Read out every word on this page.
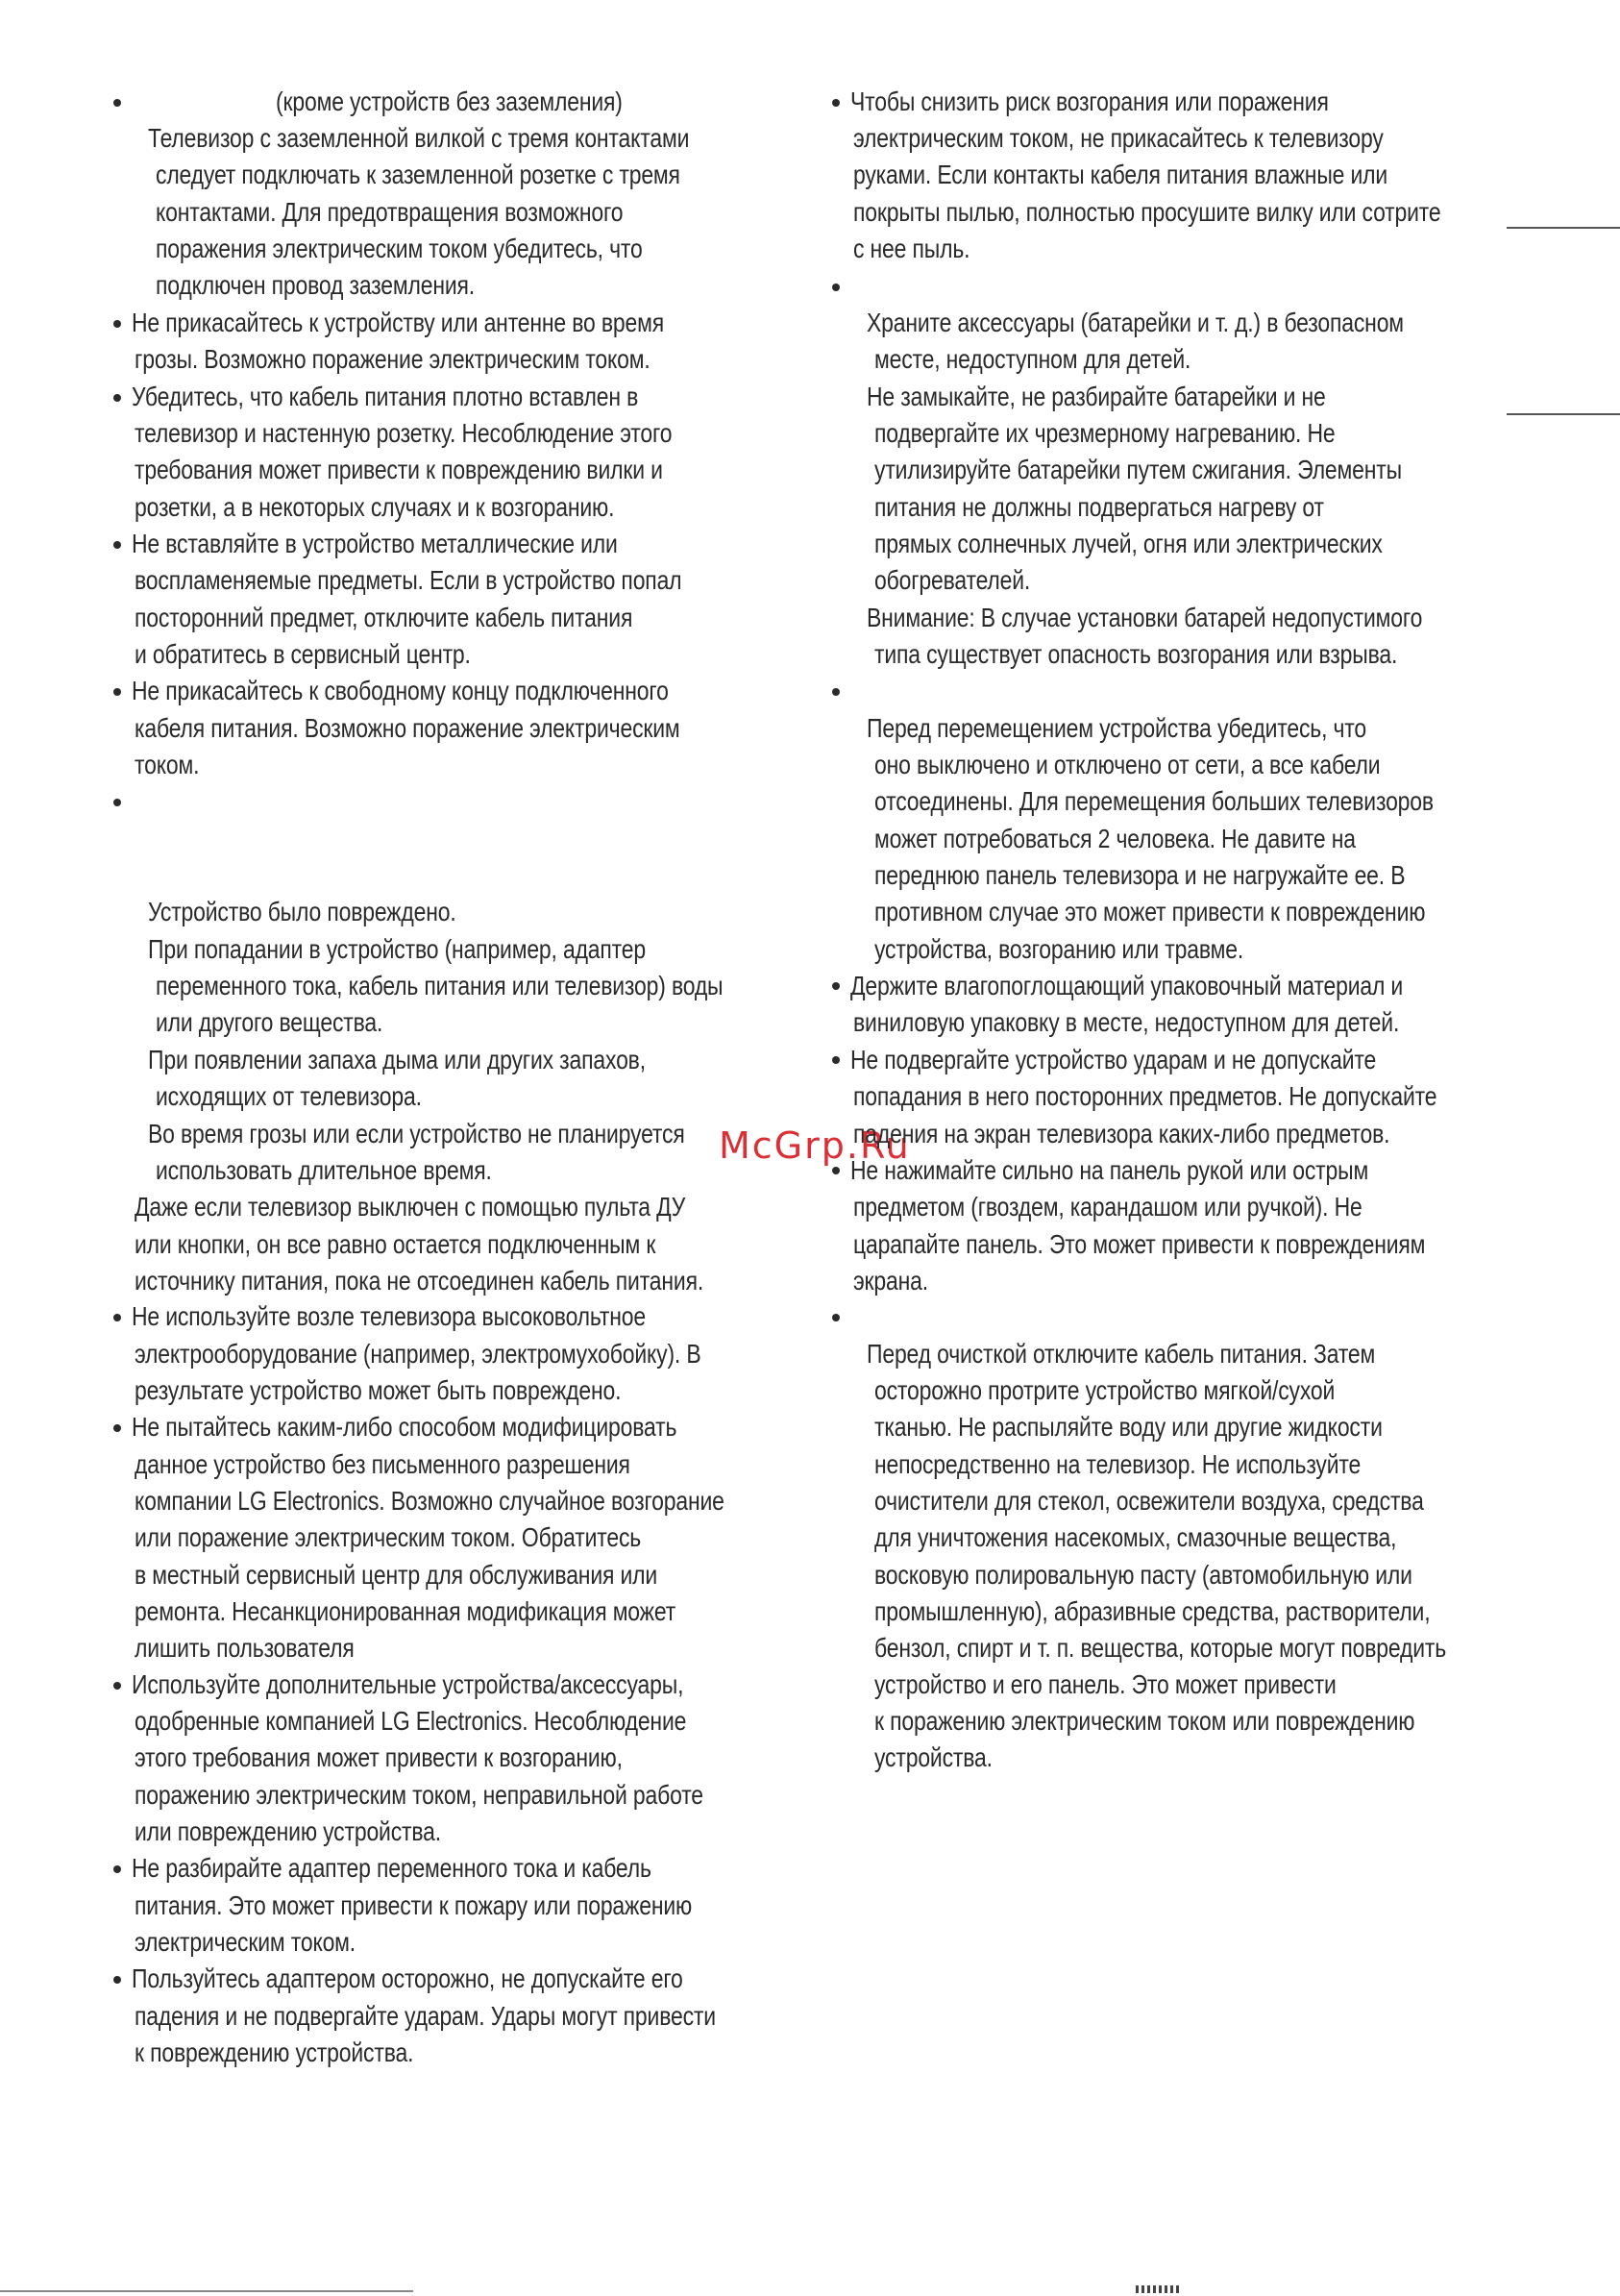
(кроме устройств без заземления)
Телевизор с заземленной вилкой с тремя контактами
следует подключать к заземленной розетке с тремя
контактами. Для предотвращения возможного
поражения электрическим током убедитесь, что
подключен провод заземления.
Не прикасайтесь к устройству или антенне во время
грозы. Возможно поражение электрическим током.
Убедитесь, что кабель питания плотно вставлен в
телевизор и настенную розетку. Несоблюдение этого
требования может привести к повреждению вилки и
розетки, а в некоторых случаях и к возгоранию.
Не вставляйте в устройство металлические или
воспламеняемые предметы. Если в устройство попал
посторонний предмет, отключите кабель питания
и обратитесь в сервисный центр.
Не прикасайтесь к свободному концу подключенного
кабеля питания. Возможно поражение электрическим
током.
Устройство было повреждено.
При попадании в устройство (например, адаптер
переменного тока, кабель питания или телевизор) воды
или другого вещества.
При появлении запаха дыма или других запахов,
исходящих от телевизора.
Во время грозы или если устройство не планируется
использовать длительное время.
Даже если телевизор выключен с помощью пульта ДУ
или кнопки, он все равно остается подключенным к
источнику питания, пока не отсоединен кабель питания.
Не используйте возле телевизора высоковольтное
электрооборудование (например, электромухобойку). В
результате устройство может быть повреждено.
Не пытайтесь каким-либо способом модифицировать
данное устройство без письменного разрешения
компании LG Electronics. Возможно случайное возгорание
или поражение электрическим током. Обратитесь
в местный сервисный центр для обслуживания или
ремонта. Несанкционированная модификация может
лишить пользователя
Используйте дополнительные устройства/аксессуары,
одобренные компанией LG Electronics. Несоблюдение
этого требования может привести к возгоранию,
поражению электрическим током, неправильной работе
или повреждению устройства.
Не разбирайте адаптер переменного тока и кабель
питания. Это может привести к пожару или поражению
электрическим током.
Пользуйтесь адаптером осторожно, не допускайте его
падения и не подвергайте ударам. Удары могут привести
к повреждению устройства.
McGrp.Ru
Чтобы снизить риск возгорания или поражения
электрическим током, не прикасайтесь к телевизору
руками. Если контакты кабеля питания влажные или
покрыты пылью, полностью просушите вилку или сотрите
с нее пыль.
Храните аксессуары (батарейки и т. д.) в безопасном
месте, недоступном для детей.
Не замыкайте, не разбирайте батарейки и не
подвергайте их чрезмерному нагреванию. Не
утилизируйте батарейки путем сжигания. Элементы
питания не должны подвергаться нагреву от
прямых солнечных лучей, огня или электрических
обогревателей.
Внимание: В случае установки батарей недопустимого
типа существует опасность возгорания или взрыва.
Перед перемещением устройства убедитесь, что
оно выключено и отключено от сети, а все кабели
отсоединены. Для перемещения больших телевизоров
может потребоваться 2 человека. Не давите на
переднюю панель телевизора и не нагружайте ее. В
противном случае это может привести к повреждению
устройства, возгоранию или травме.
Держите влагопоглощающий упаковочный материал и
виниловую упаковку в месте, недоступном для детей.
Не подвергайте устройство ударам и не допускайте
попадания в него посторонних предметов. Не допускайте
падения на экран телевизора каких-либо предметов.
Не нажимайте сильно на панель рукой или острым
предметом (гвоздем, карандашом или ручкой). Не
царапайте панель. Это может привести к повреждениям
экрана.
Перед очисткой отключите кабель питания. Затем
осторожно протрите устройство мягкой/сухой
тканью. Не распыляйте воду или другие жидкости
непосредственно на телевизор. Не используйте
очистители для стекол, освежители воздуха, средства
для уничтожения насекомых, смазочные вещества,
восковую полировальную пасту (автомобильную или
промышленную), абразивные средства, растворители,
бензол, спирт и т. п. вещества, которые могут повредить
устройство и его панель. Это может привести
к поражению электрическим током или повреждению
устройства.
